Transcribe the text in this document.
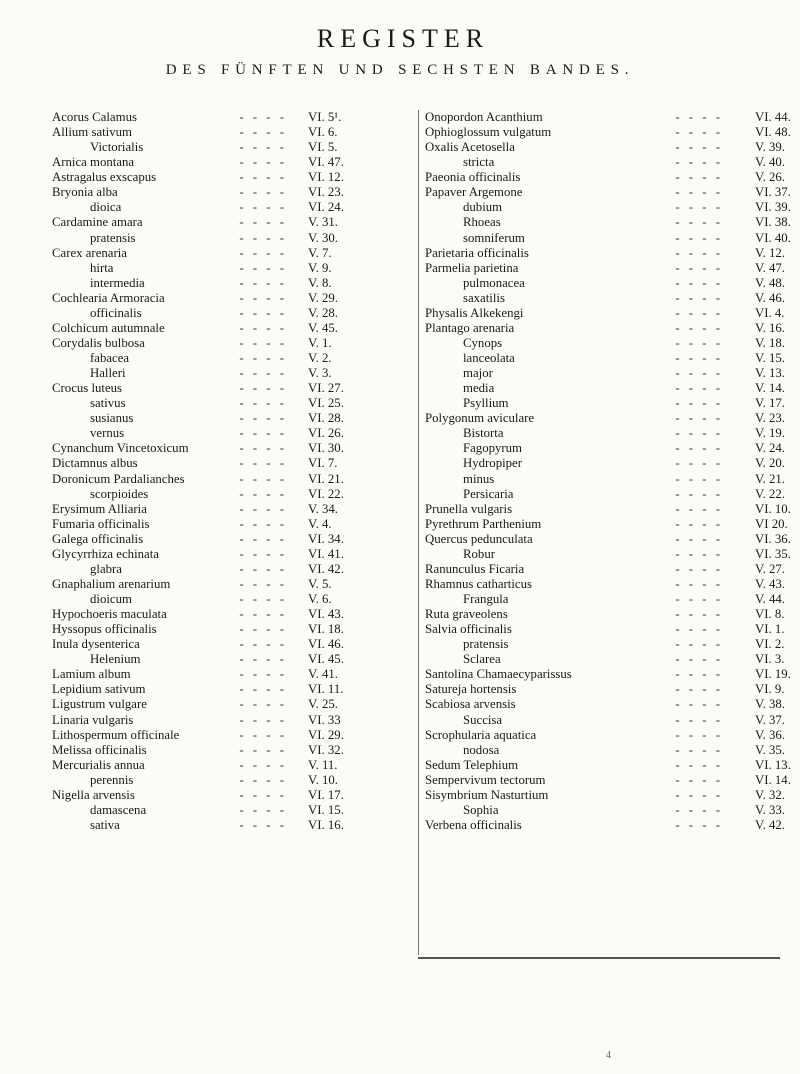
REGISTER
DES FÜNFTEN UND SECHSTEN BANDES.
Acorus Calamus	- - - - VI. 5¹.
Allium sativum	- - - - VI. 6.
Victorialis	- - - - VI. 5.
Arnica montana	- - - - VI. 47.
Astragalus exscapus	- - - - VI. 12.
Bryonia alba	- - - - VI. 23.
dioica	- - - - VI. 24.
Cardamine amara	- - - - V. 31.
pratensis	- - - - V. 30.
Carex arenaria	- - - - V. 7.
hirta	- - - - V. 9.
intermedia	- - - - V. 8.
Cochlearia Armoracia	- - - - V. 29.
officinalis	- - - - V. 28.
Colchicum autumnale	- - - - V. 45.
Corydalis bulbosa	- - - - V. 1.
fabacea	- - - - V. 2.
Halleri	- - - - V. 3.
Crocus luteus	- - - - VI. 27.
sativus	- - - - VI. 25.
susianus	- - - - VI. 28.
vernus	- - - - VI. 26.
Cynanchum Vincetoxicum	- - - - VI. 30.
Dictamnus albus	- - - - VI. 7.
Doronicum Pardalianches	- - - - VI. 21.
scorpioides	- - - - VI. 22.
Erysimum Alliaria	- - - - V. 34.
Fumaria officinalis	- - - - V. 4.
Galega officinalis	- - - - VI. 34.
Glycyrrhiza echinata	- - - - VI. 41.
glabra	- - - - VI. 42.
Gnaphalium arenarium	- - - - V. 5.
dioicum	- - - - V. 6.
Hypochoeris maculata	- - - - VI. 43.
Hyssopus officinalis	- - - - VI. 18.
Inula dysenterica	- - - - VI. 46.
Helenium	- - - - VI. 45.
Lamium album	- - - - V. 41.
Lepidium sativum	- - - - VI. 11.
Ligustrum vulgare	- - - - V. 25.
Linaria vulgaris	- - - - VI. 33
Lithospermum officinale	- - - - VI. 29.
Melissa officinalis	- - - - VI. 32.
Mercurialis annua	- - - - V. 11.
perennis	- - - - V. 10.
Nigella arvensis	- - - - VI. 17.
damascena	- - - - VI. 15.
sativa	- - - - VI. 16.
Onopordon Acanthium	- - - -	VI. 44.
Ophioglossum vulgatum	- - - -	VI. 48.
Oxalis Acetosella	- - - -	V. 39.
stricta	- - - -	V. 40.
Paeonia officinalis	- - - -	V. 26.
Papaver Argemone	- - - -	VI. 37.
dubium	- - - -	VI. 39.
Rhoeas	- - - -	VI. 38.
somniferum	- - - -	VI. 40.
Parietaria officinalis	- - - -	V. 12.
Parmelia parietina	- - - -	V. 47.
pulmonacea	- - - -	V. 48.
saxatilis	- - - -	V. 46.
Physalis Alkekengi	- - - -	VI. 4.
Plantago arenaria	- - - -	V. 16.
Cynops	- - - -	V. 18.
lanceolata	- - - -	V. 15.
major	- - - -	V. 13.
media	- - - -	V. 14.
Psyllium	- - - -	V. 17.
Polygonum aviculare	- - - -	V. 23.
Bistorta	- - - -	V. 19.
Fagopyrum	- - - -	V. 24.
Hydropiper	- - - -	V. 20.
minus	- - - -	V. 21.
Persicaria	- - - -	V. 22.
Prunella vulgaris	- - - -	VI. 10.
Pyrethrum Parthenium	- - - -	VI 20.
Quercus pedunculata	- - - -	VI. 36.
Robur	- - - -	VI. 35.
Ranunculus Ficaria	- - - -	V. 27.
Rhamnus catharticus	- - - -	V. 43.
Frangula	- - - -	V. 44.
Ruta graveolens	- - - -	VI. 8.
Salvia officinalis	- - - -	VI. 1.
pratensis	- - - -	VI. 2.
Sclarea	- - - -	VI. 3.
Santolina Chamaecyparissus	- - - -	VI. 19.
Satureja hortensis	- - - -	VI. 9.
Scabiosa arvensis	- - - -	V. 38.
Succisa	- - - -	V. 37.
Scrophularia aquatica	- - - -	V. 36.
nodosa	- - - -	V. 35.
Sedum Telephium	- - - -	VI. 13.
Sempervivum tectorum	- - - -	VI. 14.
Sisymbrium Nasturtium	- - - -	V. 32.
Sophia	- - - -	V. 33.
Verbena officinalis	- - - -	V. 42.
4
